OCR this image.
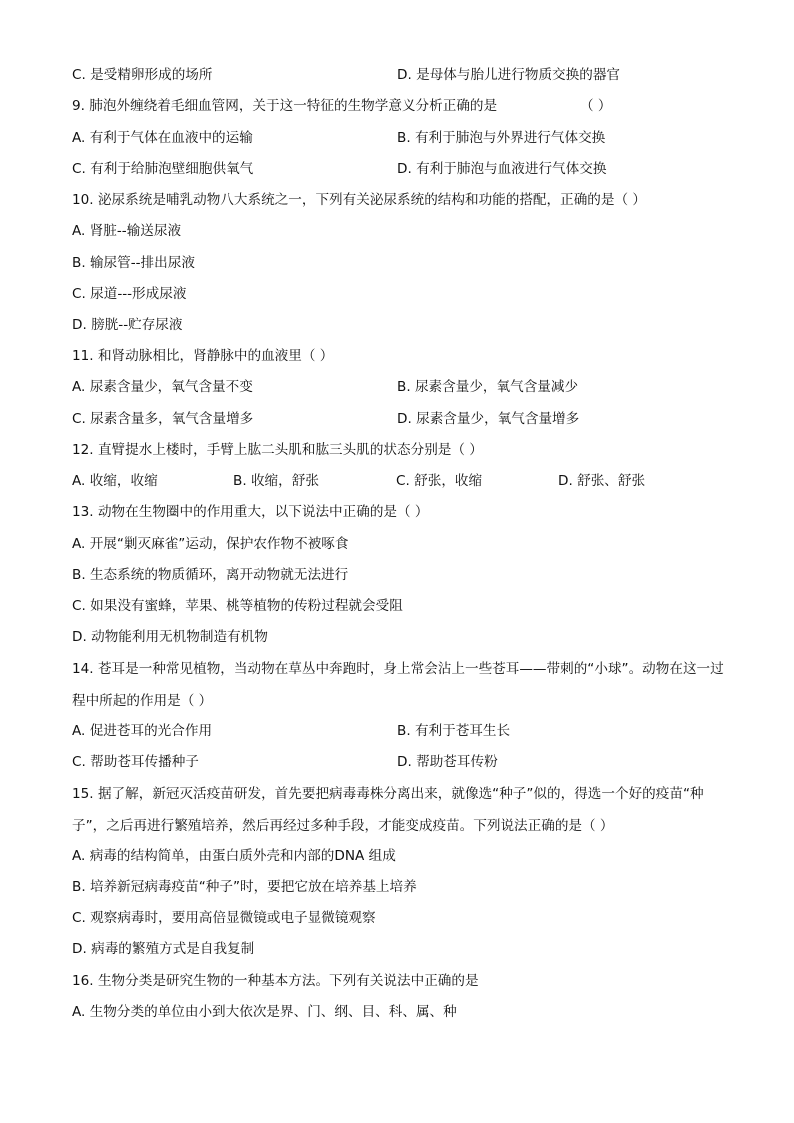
C. 是受精卵形成的场所	D. 是母体与胎儿进行物质交换的器官
9. 肺泡外缠绕着毛细血管网，关于这一特征的生物学意义分析正确的是	（ ）
A. 有利于气体在血液中的运输	B. 有利于肺泡与外界进行气体交换
C. 有利于给肺泡壁细胞供氧气	D. 有利于肺泡与血液进行气体交换
10. 泌尿系统是哺乳动物八大系统之一，下列有关泌尿系统的结构和功能的搭配，正确的是（ ）
A. 肾脏--输送尿液
B. 输尿管--排出尿液
C. 尿道---形成尿液
D. 膀胱--贮存尿液
11. 和肾动脉相比，肾静脉中的血液里（ ）
A. 尿素含量少，氧气含量不变	B. 尿素含量少，氧气含量减少
C. 尿素含量多，氧气含量增多	D. 尿素含量少，氧气含量增多
12. 直臂提水上楼时，手臂上肱二头肌和肱三头肌的状态分别是（ ）
A. 收缩，收缩	B. 收缩，舒张	C. 舒张，收缩	D. 舒张、舒张
13. 动物在生物圈中的作用重大，以下说法中正确的是（ ）
A. 开展“剿灭麻雀”运动，保护农作物不被啄食
B. 生态系统的物质循环，离开动物就无法进行
C. 如果没有蜜蜂，苹果、桃等植物的传粉过程就会受阻
D. 动物能利用无机物制造有机物
14. 苍耳是一种常见植物，当动物在草丛中奔跑时，身上常会沾上一些苍耳——带刺的“小球”。动物在这一过程中所起的作用是（ ）
A. 促进苍耳的光合作用	B. 有利于苍耳生长
C. 帮助苍耳传播种子	D. 帮助苍耳传粉
15. 据了解，新冠灭活疫苗研发，首先要把病毒毒株分离出来，就像选“种子”似的，得选一个好的疫苗“种子”，之后再进行繁殖培养，然后再经过多种手段，才能变成疫苗。下列说法正确的是（ ）
A. 病毒的结构简单，由蛋白质外壳和内部的DNA 组成
B. 培养新冠病毒疫苗“种子”时，要把它放在培养基上培养
C. 观察病毒时，要用高倍显微镜或电子显微镜观察
D. 病毒的繁殖方式是自我复制
16. 生物分类是研究生物的一种基本方法。下列有关说法中正确的是
A. 生物分类的单位由小到大依次是界、门、纲、目、科、属、种
